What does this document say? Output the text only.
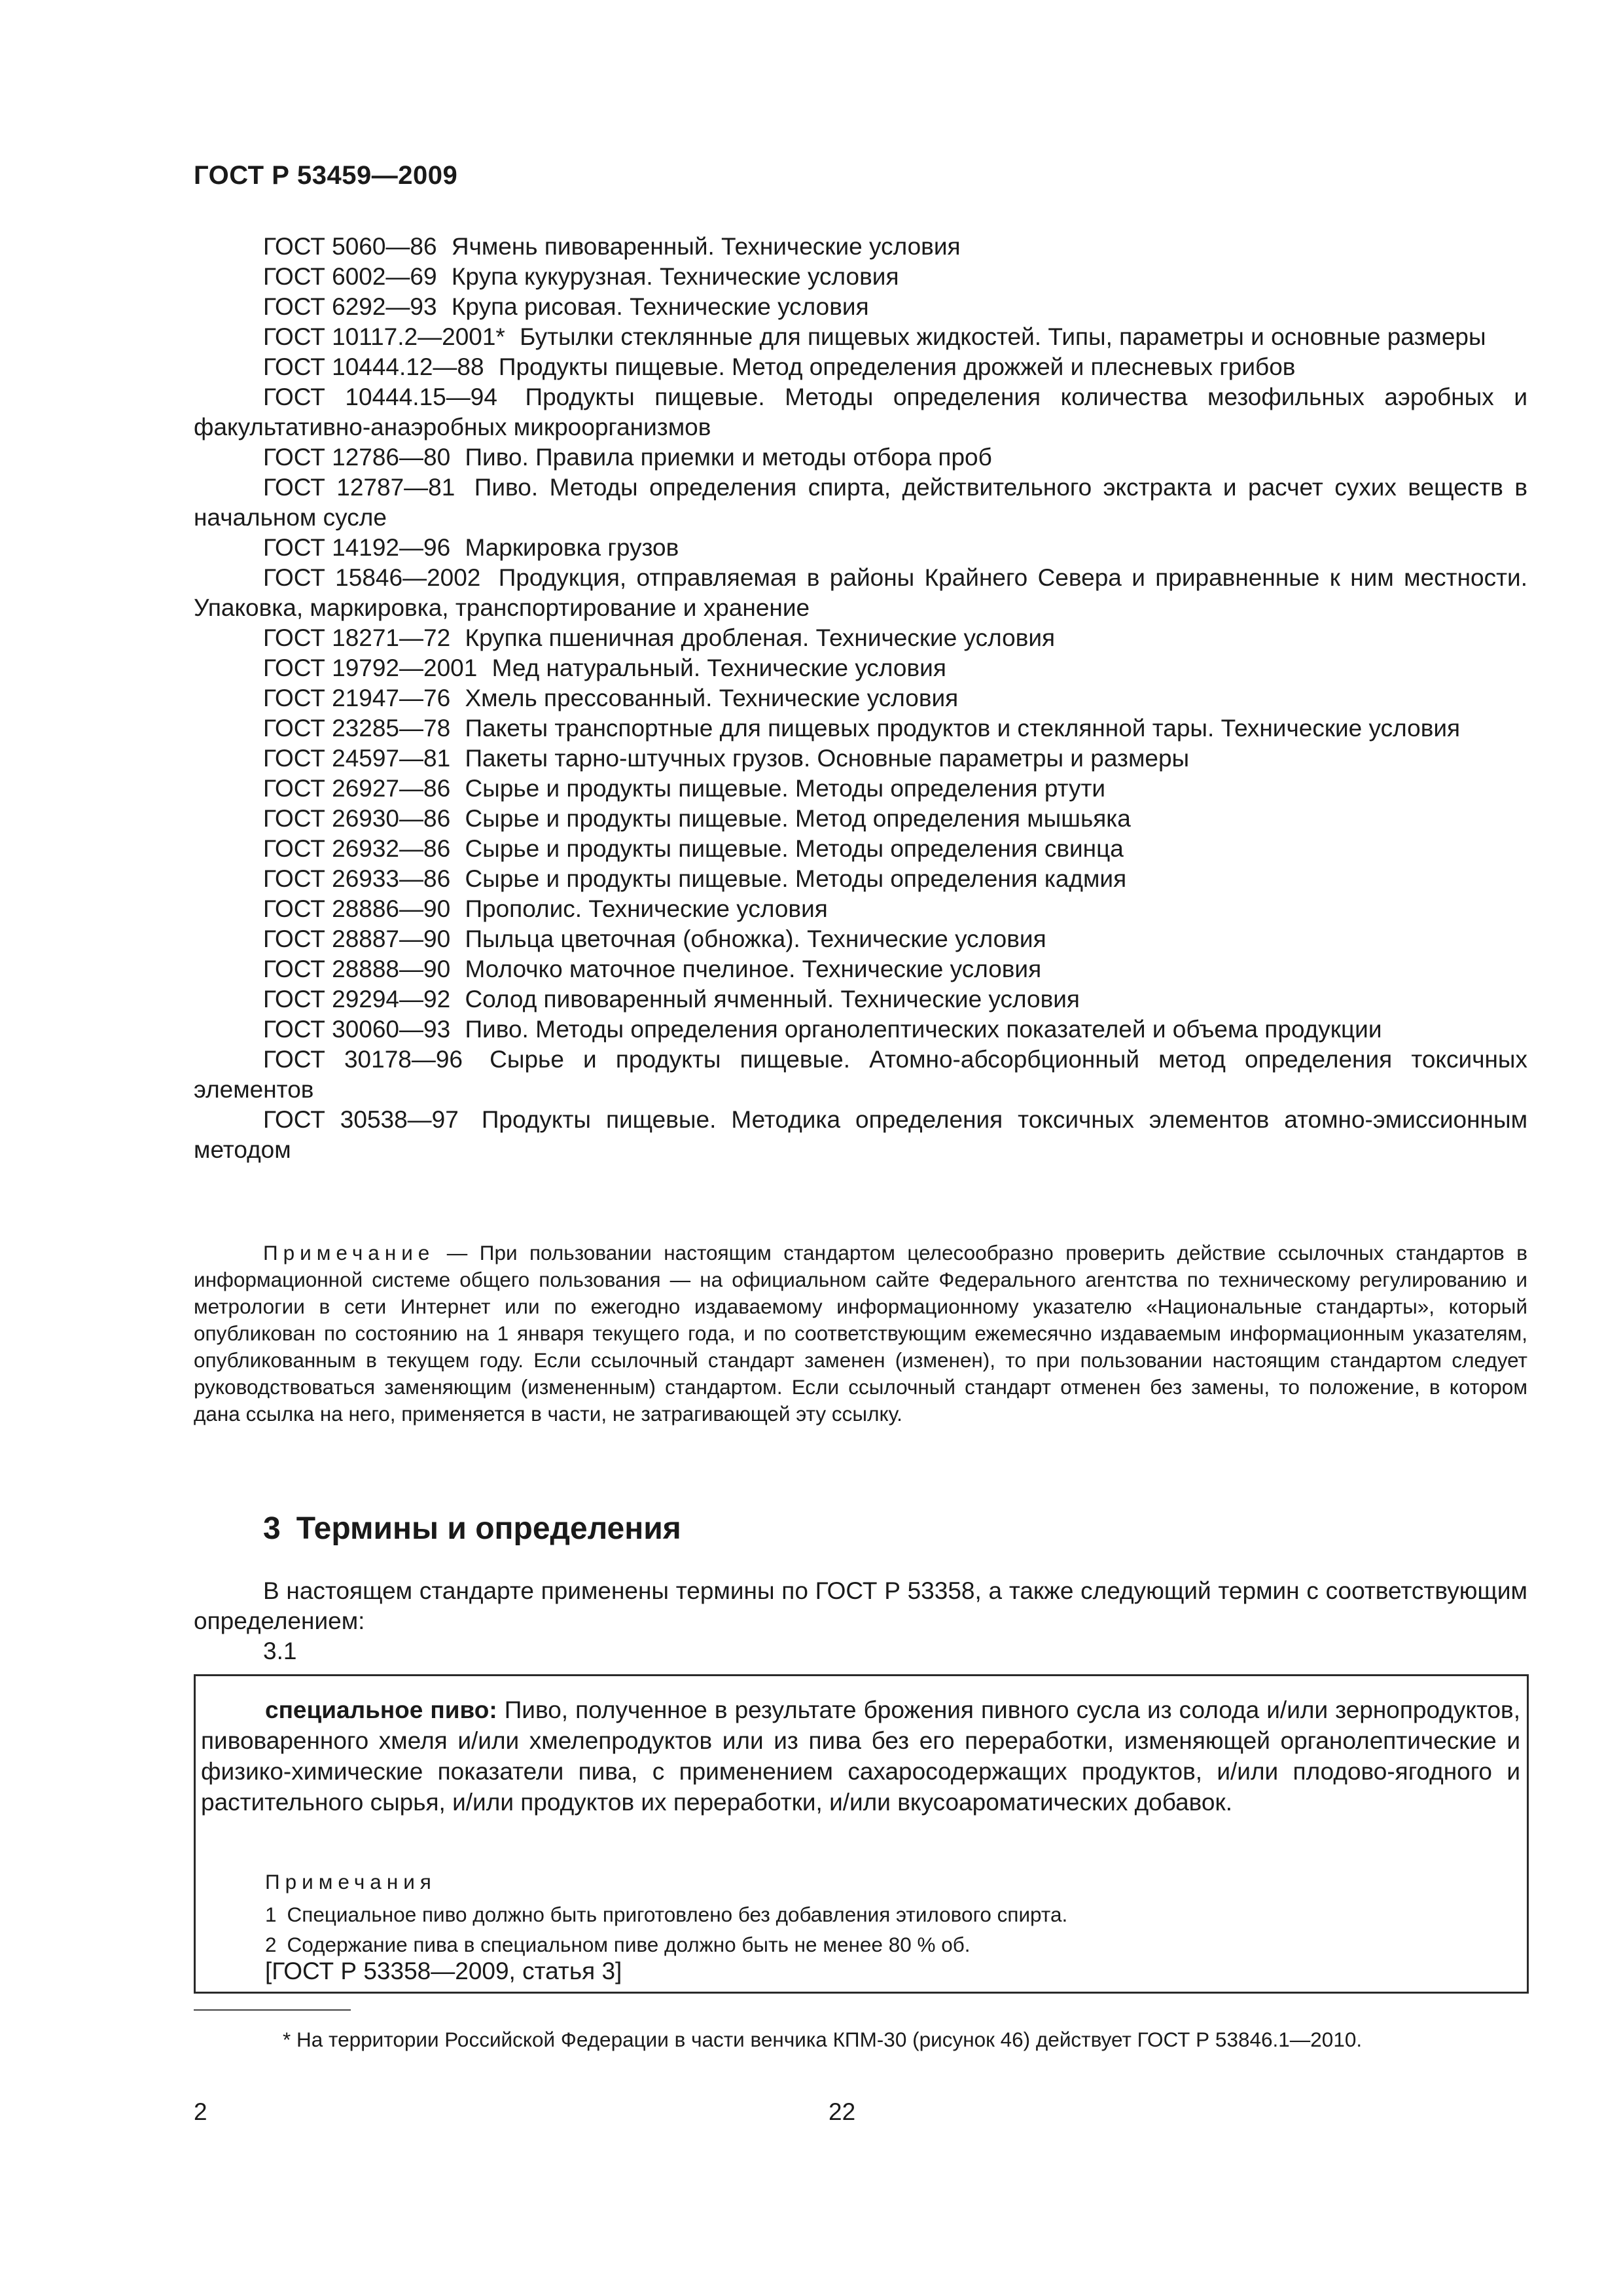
ГОСТ Р 53459—2009

ГОСТ 5060—86 Ячмень пивоваренный. Технические условия

ГОСТ 6002—69 Крупа кукурузная. Технические условия

ГОСТ 6292—93 Крупа рисовая. Технические условия

ГОСТ 10117.2—2001* Бутылки стеклянные для пищевых жидкостей. Типы, параметры и основные размеры

ГОСТ 10444.12—88 Продукты пищевые. Метод определения дрожжей и плесневых грибов

ГОСТ 10444.15—94 Продукты пищевые. Методы определения количества мезофильных аэробных и факультативно-анаэробных микроорганизмов

ГОСТ 12786—80 Пиво. Правила приемки и методы отбора проб

ГОСТ 12787—81 Пиво. Методы определения спирта, действительного экстракта и расчет сухих веществ в начальном сусле

ГОСТ 14192—96 Маркировка грузов

ГОСТ 15846—2002 Продукция, отправляемая в районы Крайнего Севера и приравненные к ним местности. Упаковка, маркировка, транспортирование и хранение

ГОСТ 18271—72 Крупка пшеничная дробленая. Технические условия

ГОСТ 19792—2001 Мед натуральный. Технические условия

ГОСТ 21947—76 Хмель прессованный. Технические условия

ГОСТ 23285—78 Пакеты транспортные для пищевых продуктов и стеклянной тары. Технические условия

ГОСТ 24597—81 Пакеты тарно-штучных грузов. Основные параметры и размеры

ГОСТ 26927—86 Сырье и продукты пищевые. Методы определения ртути

ГОСТ 26930—86 Сырье и продукты пищевые. Метод определения мышьяка

ГОСТ 26932—86 Сырье и продукты пищевые. Методы определения свинца

ГОСТ 26933—86 Сырье и продукты пищевые. Методы определения кадмия

ГОСТ 28886—90 Прополис. Технические условия

ГОСТ 28887—90 Пыльца цветочная (обножка). Технические условия

ГОСТ 28888—90 Молочко маточное пчелиное. Технические условия

ГОСТ 29294—92 Солод пивоваренный ячменный. Технические условия

ГОСТ 30060—93 Пиво. Методы определения органолептических показателей и объема продукции

ГОСТ 30178—96 Сырье и продукты пищевые. Атомно-абсорбционный метод определения токсичных элементов

ГОСТ 30538—97 Продукты пищевые. Методика определения токсичных элементов атомно-эмиссионным методом

Примечание — При пользовании настоящим стандартом целесообразно проверить действие ссылочных стандартов в информационной системе общего пользования — на официальном сайте Федерального агентства по техническому регулированию и метрологии в сети Интернет или по ежегодно издаваемому информационному указателю «Национальные стандарты», который опубликован по состоянию на 1 января текущего года, и по соответствующим ежемесячно издаваемым информационным указателям, опубликованным в текущем году. Если ссылочный стандарт заменен (изменен), то при пользовании настоящим стандартом следует руководствоваться заменяющим (измененным) стандартом. Если ссылочный стандарт отменен без замены, то положение, в котором дана ссылка на него, применяется в части, не затрагивающей эту ссылку.
3 Термины и определения

В настоящем стандарте применены термины по ГОСТ Р 53358, а также следующий термин с соответствующим определением:

3.1

специальное пиво: Пиво, полученное в результате брожения пивного сусла из солода и/или зернопродуктов, пивоваренного хмеля и/или хмелепродуктов или из пива без его переработки, изменяющей органолептические и физико-химические показатели пива, с применением сахаросодержащих продуктов, и/или плодово-ягодного и растительного сырья, и/или продуктов их переработки, и/или вкусоароматических добавок.

Примечания
1 Специальное пиво должно быть приготовлено без добавления этилового спирта.
2 Содержание пива в специальном пиве должно быть не менее 80 % об.
[ГОСТ Р 53358—2009, статья 3]
* На территории Российской Федерации в части венчика КПМ-30 (рисунок 46) действует ГОСТ Р 53846.1—2010.
2	22
